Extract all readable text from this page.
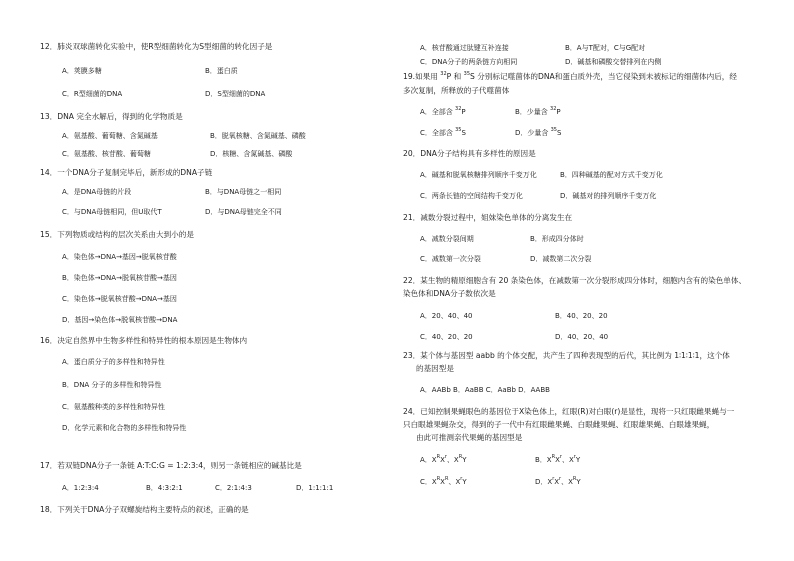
12．肺炎双球菌转化实验中，使R型细菌转化为S型细菌的转化因子是
A．荚膜多糖	B．蛋白质
C．R型细菌的DNA	D．S型细菌的DNA
13．DNA 完全水解后，得到的化学物质是
A．氨基酸、葡萄糖、含氮碱基	B．脱氧核糖、含氮碱基、磷酸
C．氨基酸、核苷酸、葡萄糖	D．核糖、含氮碱基、磷酸
14．一个DNA分子复制完毕后，新形成的DNA子链
A．是DNA母链的片段	B．与DNA母链之一相同
C．与DNA母链相同，但U取代T	D．与DNA母链完全不同
15．下列物质或结构的层次关系由大到小的是
A．染色体→DNA→基因→脱氧核苷酸
B．染色体→DNA→脱氧核苷酸→基因
C．染色体→脱氧核苷酸→DNA→基因
D．基因→染色体→脱氧核苷酸→DNA
16．决定自然界中生物多样性和特异性的根本原因是生物体内
A．蛋白质分子的多样性和特异性
B．DNA 分子的多样性和特异性
C．氨基酸种类的多样性和特异性
D．化学元素和化合物的多样性和特异性
17．若双链DNA分子一条链 A:T:C:G = 1:2:3:4，则另一条链相应的碱基比是
A．1:2:3:4	B．4:3:2:1	C．2:1:4:3	D．1:1:1:1
18．下列关于DNA分子双螺旋结构主要特点的叙述，正确的是
A．核苷酸通过肽键互补连接	B．A与T配对，C与G配对
C．DNA分子的两条链方向相同	D．碱基和磷酸交替排列在内侧
19.如果用 $^{32}$P 和 $^{35}$S 分别标记噬菌体的DNA和蛋白质外壳，当它侵染到未被标记的细菌体内后，经
多次复制，所释放的子代噬菌体
A．全部含 $^{32}$P	B．少量含 $^{32}$P
C．全部含 $^{35}$S	D．少量含 $^{35}$S
20．DNA分子结构具有多样性的原因是
A．碱基和脱氧核糖排列顺序千变万化	B．四种碱基的配对方式千变万化
C．两条长链的空间结构千变万化	D．碱基对的排列顺序千变万化
21．减数分裂过程中，姐妹染色单体的分离发生在
A．减数分裂间期	B．形成四分体时
C．减数第一次分裂	D．减数第二次分裂
22．某生物的精原细胞含有 20 条染色体，在减数第一次分裂形成四分体时，细胞内含有的染色单体、
染色体和DNA分子数依次是
A．20、40、40	B．40、20、20
C．40、20、20	D．40、20、40
23．某个体与基因型 aabb 的个体交配，共产生了四种表现型的后代，其比例为 1∶1∶1∶1，这个体
的基因型是
A．AABb B．AaBB C．AaBb D．AABB
24．已知控制果蝇眼色的基因位于X染色体上，红眼(R)对白眼(r)是显性，现将一只红眼雌果蝇与一
只白眼雄果蝇杂交，得到的子一代中有红眼雌果蝇、白眼雌果蝇、红眼雄果蝇、白眼雄果蝇，
由此可推测亲代果蝇的基因型是
A．$X^RX^r$、$X^RY$	B．$X^RX^r$、$X^rY$
C．$X^RX^R$、$X^rY$	D．$X^rX^r$、$X^RY$
